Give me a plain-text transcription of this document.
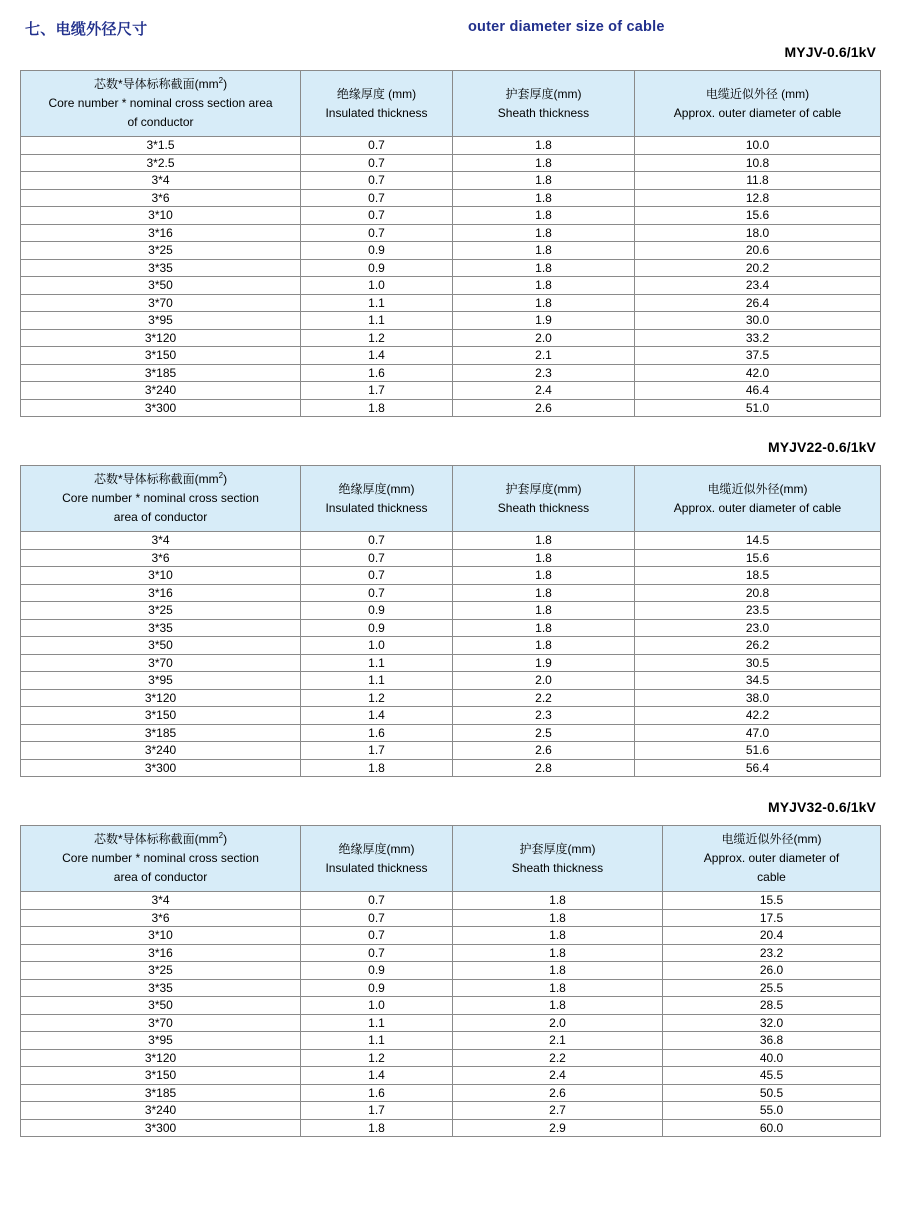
七、电缆外径尺寸	outer diameter size of cable
MYJV-0.6/1kV
芯数*导体标称截面$(mm^2)$
Core number * nominal cross section area
of conductor	绝缘厚度 (mm)
Insulated thickness	护套厚度(mm)
Sheath thickness	电缆近似外径 (mm)
Approx. outer diameter of cable

3*1.5	0.7	1.8	10.0
3*2.5	0.7	1.8	10.8
3*4	0.7	1.8	11.8
3*6	0.7	1.8	12.8
3*10	0.7	1.8	15.6
3*16	0.7	1.8	18.0
3*25	0.9	1.8	20.6
3*35	0.9	1.8	20.2
3*50	1.0	1.8	23.4
3*70	1.1	1.8	26.4
3*95	1.1	1.9	30.0
3*120	1.2	2.0	33.2
3*150	1.4	2.1	37.5
3*185	1.6	2.3	42.0
3*240	1.7	2.4	46.4
3*300	1.8	2.6	51.0
MYJV22-0.6/1kV
芯数*导体标称截面$(mm^2)$
Core number * nominal cross section
area of conductor	绝缘厚度(mm)
Insulated thickness	护套厚度(mm)
Sheath thickness	电缆近似外径(mm)
Approx. outer diameter of cable

3*4	0.7	1.8	14.5
3*6	0.7	1.8	15.6
3*10	0.7	1.8	18.5
3*16	0.7	1.8	20.8
3*25	0.9	1.8	23.5
3*35	0.9	1.8	23.0
3*50	1.0	1.8	26.2
3*70	1.1	1.9	30.5
3*95	1.1	2.0	34.5
3*120	1.2	2.2	38.0
3*150	1.4	2.3	42.2
3*185	1.6	2.5	47.0
3*240	1.7	2.6	51.6
3*300	1.8	2.8	56.4
MYJV32-0.6/1kV
芯数*导体标称截面$(mm^2)$
Core number * nominal cross section
area of conductor	绝缘厚度(mm)
Insulated thickness	护套厚度(mm)
Sheath thickness	电缆近似外径(mm)
Approx. outer diameter of
cable

3*4	0.7	1.8	15.5
3*6	0.7	1.8	17.5
3*10	0.7	1.8	20.4
3*16	0.7	1.8	23.2
3*25	0.9	1.8	26.0
3*35	0.9	1.8	25.5
3*50	1.0	1.8	28.5
3*70	1.1	2.0	32.0
3*95	1.1	2.1	36.8
3*120	1.2	2.2	40.0
3*150	1.4	2.4	45.5
3*185	1.6	2.6	50.5
3*240	1.7	2.7	55.0
3*300	1.8	2.9	60.0
